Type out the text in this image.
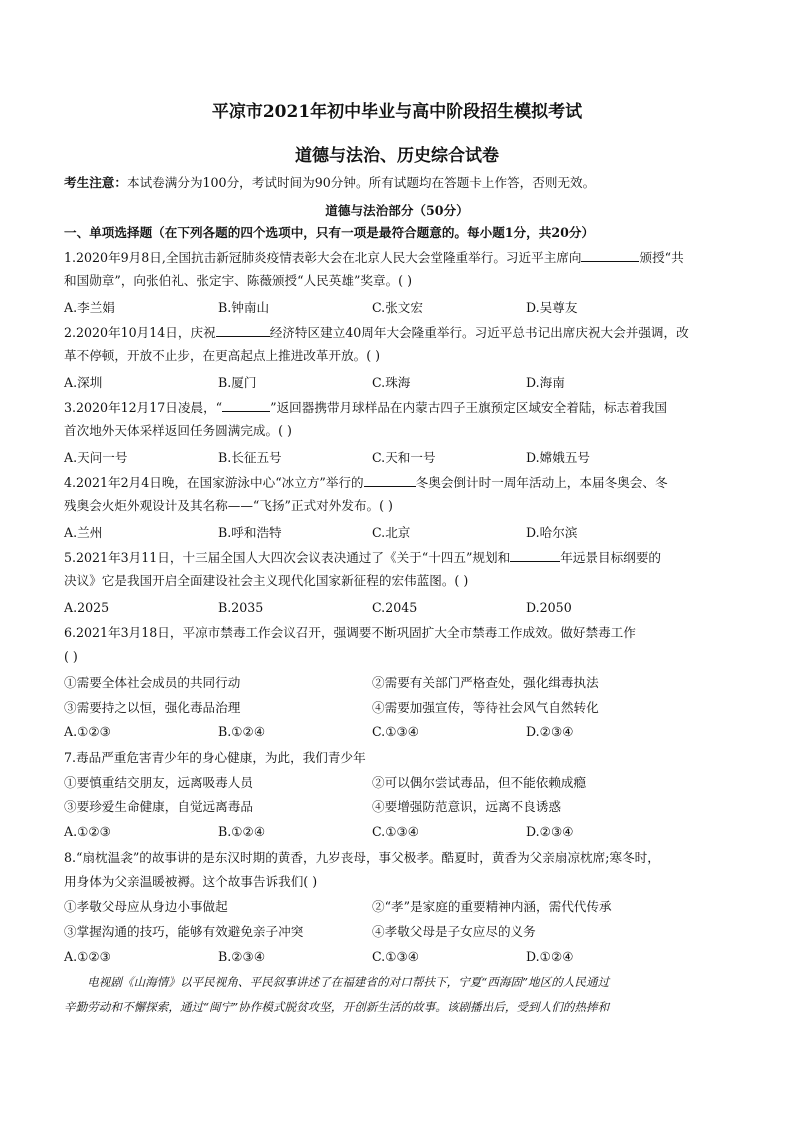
平凉市2021年初中毕业与高中阶段招生模拟考试
道德与法治、历史综合试卷
考生注意：本试卷满分为100分，考试时间为90分钟。所有试题均在答题卡上作答，否则无效。
道德与法治部分（50分）
一、单项选择题（在下列各题的四个选项中，只有一项是最符合题意的。每小题1分，共20分）
1.2020年9月8日,全国抗击新冠肺炎疫情表彰大会在北京人民大会堂隆重举行。习近平主席向	颁授“共
和国勋章”，向张伯礼、张定宇、陈薇颁授“人民英雄”奖章。( )
A.李兰娟	B.钟南山	C.张文宏	D.吴尊友
2.2020年10月14日，庆祝	经济特区建立40周年大会隆重举行。习近平总书记出席庆祝大会并强调，改
革不停顿，开放不止步，在更高起点上推进改革开放。( )
A.深圳	B.厦门	C.珠海	D.海南
3.2020年12月17日凌晨，“	”返回器携带月球样品在内蒙古四子王旗预定区域安全着陆，标志着我国
首次地外天体采样返回任务圆满完成。( )
A.天问一号	B.长征五号	C.天和一号	D.嫦娥五号
4.2021年2月4日晚，在国家游泳中心“冰立方”举行的	冬奥会倒计时一周年活动上，本届冬奥会、冬
残奥会火炬外观设计及其名称——“飞扬”正式对外发布。( )
A.兰州	B.呼和浩特	C.北京	D.哈尔滨
5.2021年3月11日，十三届全国人大四次会议表决通过了《关于“十四五”规划和	年远景目标纲要的
决议》它是我国开启全面建设社会主义现代化国家新征程的宏伟蓝图。( )
A.2025	B.2035	C.2045	D.2050
6.2021年3月18日，平凉市禁毒工作会议召开，强调要不断巩固扩大全市禁毒工作成效。做好禁毒工作
( )
①需要全体社会成员的共同行动	②需要有关部门严格查处，强化缉毒执法
③需要持之以恒，强化毒品治理	④需要加强宣传，等待社会风气自然转化
A.①②③	B.①②④	C.①③④	D.②③④
7.毒品严重危害青少年的身心健康，为此，我们青少年
①要慎重结交朋友，远离吸毒人员	②可以偶尔尝试毒品，但不能依赖成瘾
③要珍爱生命健康，自觉远离毒品	④要增强防范意识，远离不良诱惑
A.①②③	B.①②④	C.①③④	D.②③④
8.“扇枕温衾”的故事讲的是东汉时期的黄香，九岁丧母，事父极孝。酷夏时，黄香为父亲扇凉枕席;寒冬时，
用身体为父亲温暖被褥。这个故事告诉我们( )
①孝敬父母应从身边小事做起	②“孝”是家庭的重要精神内涵，需代代传承
③掌握沟通的技巧，能够有效避免亲子冲突	④孝敬父母是子女应尽的义务
A.①②③	B.②③④	C.①③④	D.①②④
电视剧《山海情》以平民视角、平民叙事讲述了在福建省的对口帮扶下，宁夏“西海固”地区的人民通过
辛勤劳动和不懈探索，通过“闽宁”协作模式脱贫攻坚，开创新生活的故事。该剧播出后，受到人们的热捧和
